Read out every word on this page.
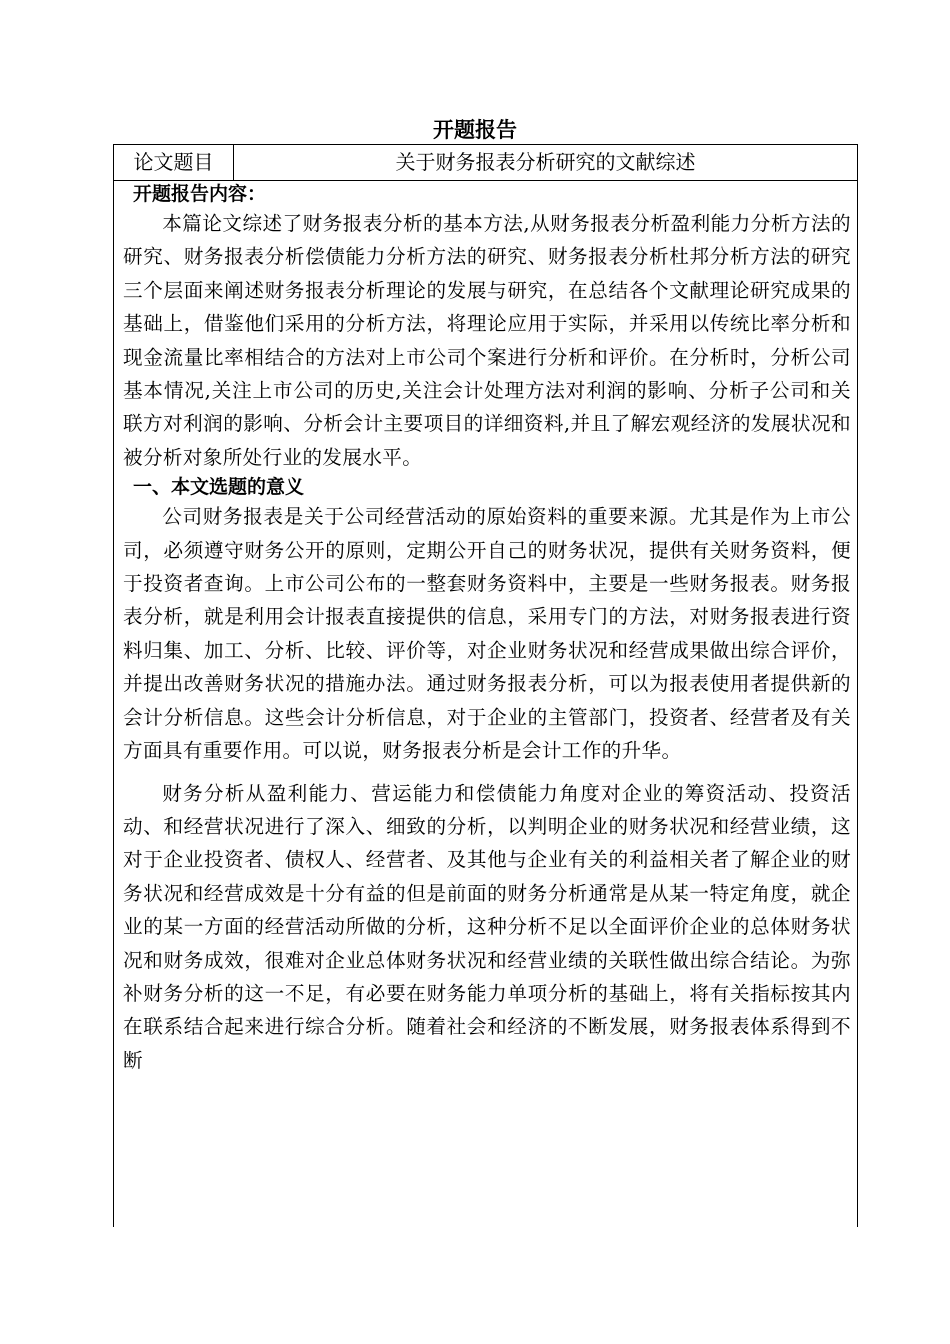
开题报告
论文题目	关于财务报表分析研究的文献综述

开题报告内容：

本篇论文综述了财务报表分析的基本方法,从财务报表分析盈利能力分析方法的研究、财务报表分析偿债能力分析方法的研究、财务报表分析杜邦分析方法的研究三个层面来阐述财务报表分析理论的发展与研究，在总结各个文献理论研究成果的基础上，借鉴他们采用的分析方法，将理论应用于实际，并采用以传统比率分析和现金流量比率相结合的方法对上市公司个案进行分析和评价。在分析时，分析公司基本情况,关注上市公司的历史,关注会计处理方法对利润的影响、分析子公司和关联方对利润的影响、分析会计主要项目的详细资料,并且了解宏观经济的发展状况和被分析对象所处行业的发展水平。

一、本文选题的意义

公司财务报表是关于公司经营活动的原始资料的重要来源。尤其是作为上市公司，必须遵守财务公开的原则，定期公开自己的财务状况，提供有关财务资料，便于投资者查询。上市公司公布的一整套财务资料中，主要是一些财务报表。财务报表分析，就是利用会计报表直接提供的信息，采用专门的方法，对财务报表进行资料归集、加工、分析、比较、评价等，对企业财务状况和经营成果做出综合评价，并提出改善财务状况的措施办法。通过财务报表分析，可以为报表使用者提供新的会计分析信息。这些会计分析信息，对于企业的主管部门，投资者、经营者及有关方面具有重要作用。可以说，财务报表分析是会计工作的升华。

财务分析从盈利能力、营运能力和偿债能力角度对企业的筹资活动、投资活动、和经营状况进行了深入、细致的分析，以判明企业的财务状况和经营业绩，这对于企业投资者、债权人、经营者、及其他与企业有关的利益相关者了解企业的财务状况和经营成效是十分有益的但是前面的财务分析通常是从某一特定角度，就企业的某一方面的经营活动所做的分析，这种分析不足以全面评价企业的总体财务状况和财务成效，很难对企业总体财务状况和经营业绩的关联性做出综合结论。为弥补财务分析的这一不足，有必要在财务能力单项分析的基础上，将有关指标按其内在联系结合起来进行综合分析。随着社会和经济的不断发展，财务报表体系得到不断
